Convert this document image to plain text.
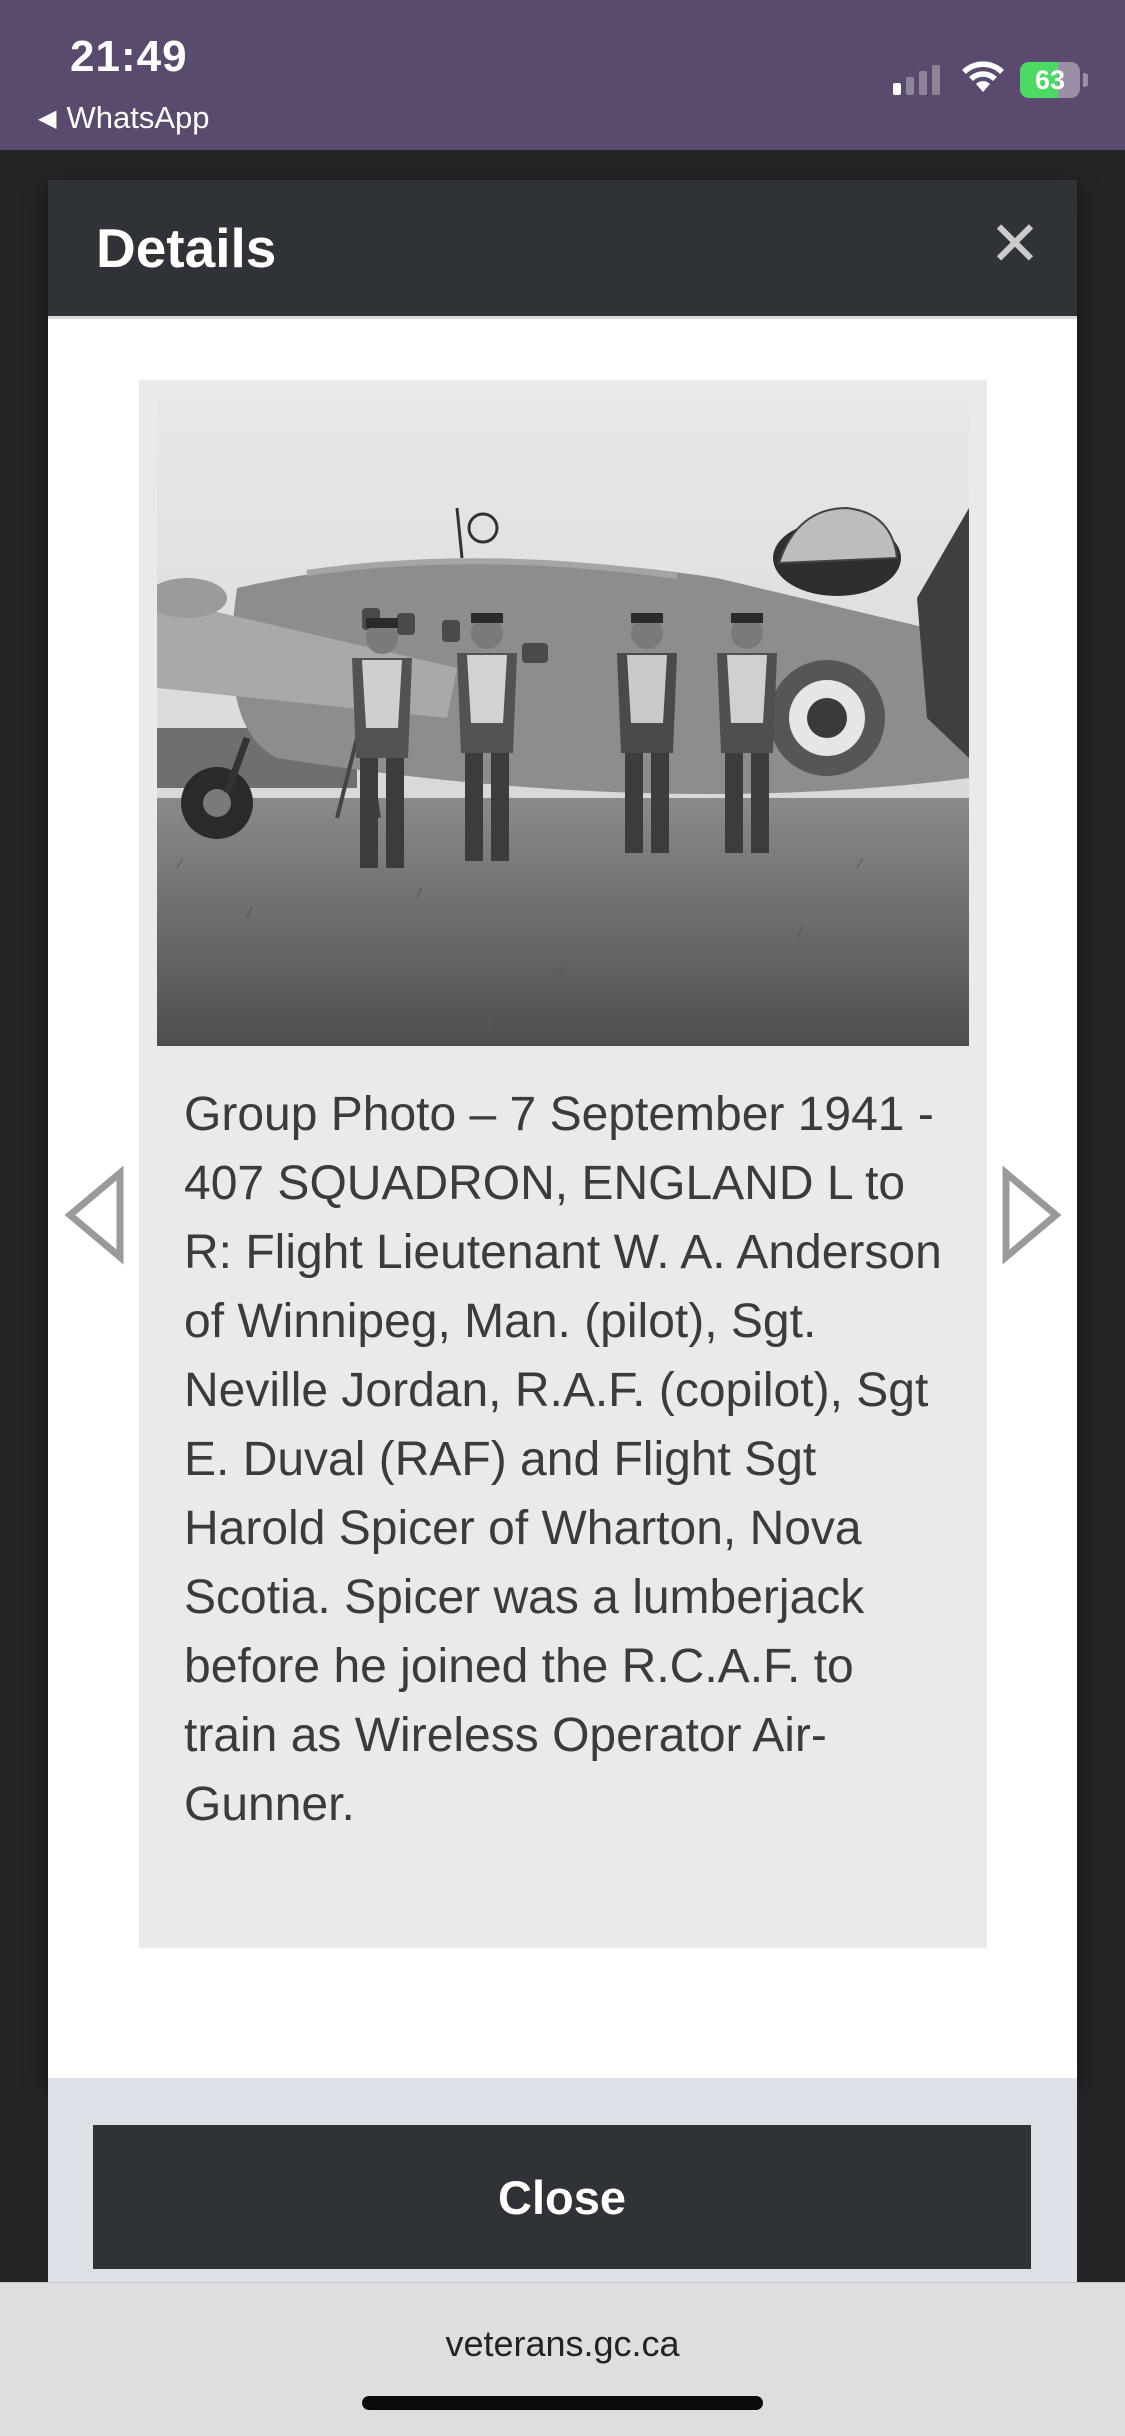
21:49
◀ WhatsApp
63
Details	✕
Group Photo – 7 September 1941 - 407 SQUADRON, ENGLAND L to R: Flight Lieutenant W. A. Anderson of Winnipeg, Man. (pilot), Sgt. Neville Jordan, R.A.F. (copilot), Sgt E. Duval (RAF) and Flight Sgt Harold Spicer of Wharton, Nova Scotia. Spicer was a lumberjack before he joined the R.C.A.F. to train as Wireless Operator Air-Gunner.
Close
veterans.gc.ca
